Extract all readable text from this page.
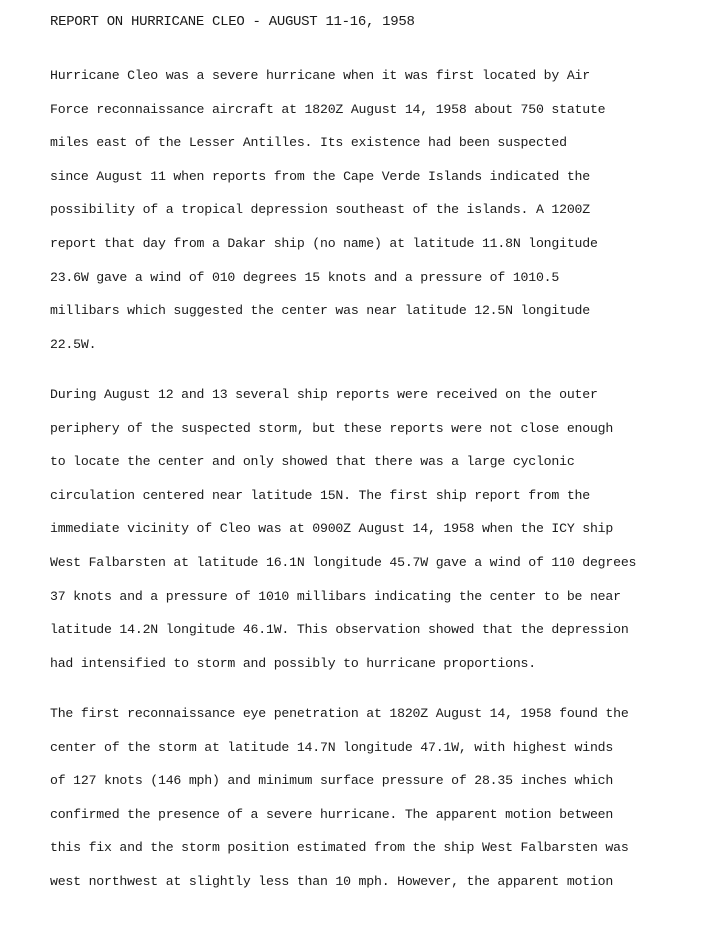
REPORT ON HURRICANE CLEO - AUGUST 11-16, 1958
Hurricane Cleo was a severe hurricane when it was first located by Air
Force reconnaissance aircraft at 1820Z August 14, 1958 about 750 statute
miles east of the Lesser Antilles. Its existence had been suspected
since August 11 when reports from the Cape Verde Islands indicated the
possibility of a tropical depression southeast of the islands. A 1200Z
report that day from a Dakar ship (no name) at latitude 11.8N longitude
23.6W gave a wind of 010 degrees 15 knots and a pressure of 1010.5
millibars which suggested the center was near latitude 12.5N longitude
22.5W.
During August 12 and 13 several ship reports were received on the outer
periphery of the suspected storm, but these reports were not close enough
to locate the center and only showed that there was a large cyclonic
circulation centered near latitude 15N. The first ship report from the
immediate vicinity of Cleo was at 0900Z August 14, 1958 when the ICY ship
West Falbarsten at latitude 16.1N longitude 45.7W gave a wind of 110 degrees
37 knots and a pressure of 1010 millibars indicating the center to be near
latitude 14.2N longitude 46.1W. This observation showed that the depression
had intensified to storm and possibly to hurricane proportions.
The first reconnaissance eye penetration at 1820Z August 14, 1958 found the
center of the storm at latitude 14.7N longitude 47.1W, with highest winds
of 127 knots (146 mph) and minimum surface pressure of 28.35 inches which
confirmed the presence of a severe hurricane. The apparent motion between
this fix and the storm position estimated from the ship West Falbarsten was
west northwest at slightly less than 10 mph. However, the apparent motion
